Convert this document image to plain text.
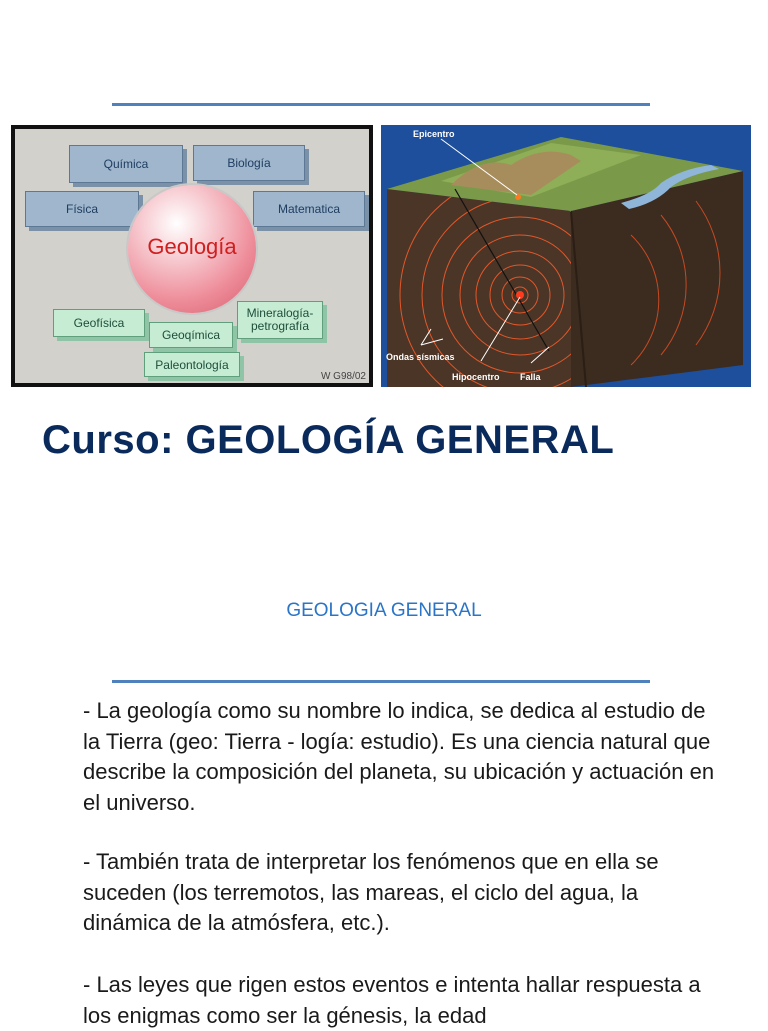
Química	Biología
Física	Matematica
Geología
Geofísica
Geoqímica
Mineralogía-
petrografía
Paleontología
W G98/02
Epicentro
Ondas sísmicas
Hipocentro Falla
Curso: GEOLOGÍA GENERAL
GEOLOGIA GENERAL

- La geología como su nombre lo indica, se dedica al estudio de la Tierra (geo: Tierra - logía: estudio). Es una ciencia natural que describe la composición del planeta, su ubicación y actuación en el universo.

- También trata de interpretar los fenómenos que en ella se suceden (los terremotos, las mareas, el ciclo del agua, la dinámica de la atmósfera, etc.).

- Las leyes que rigen estos eventos e intenta hallar respuesta a los enigmas como ser la génesis, la edad
